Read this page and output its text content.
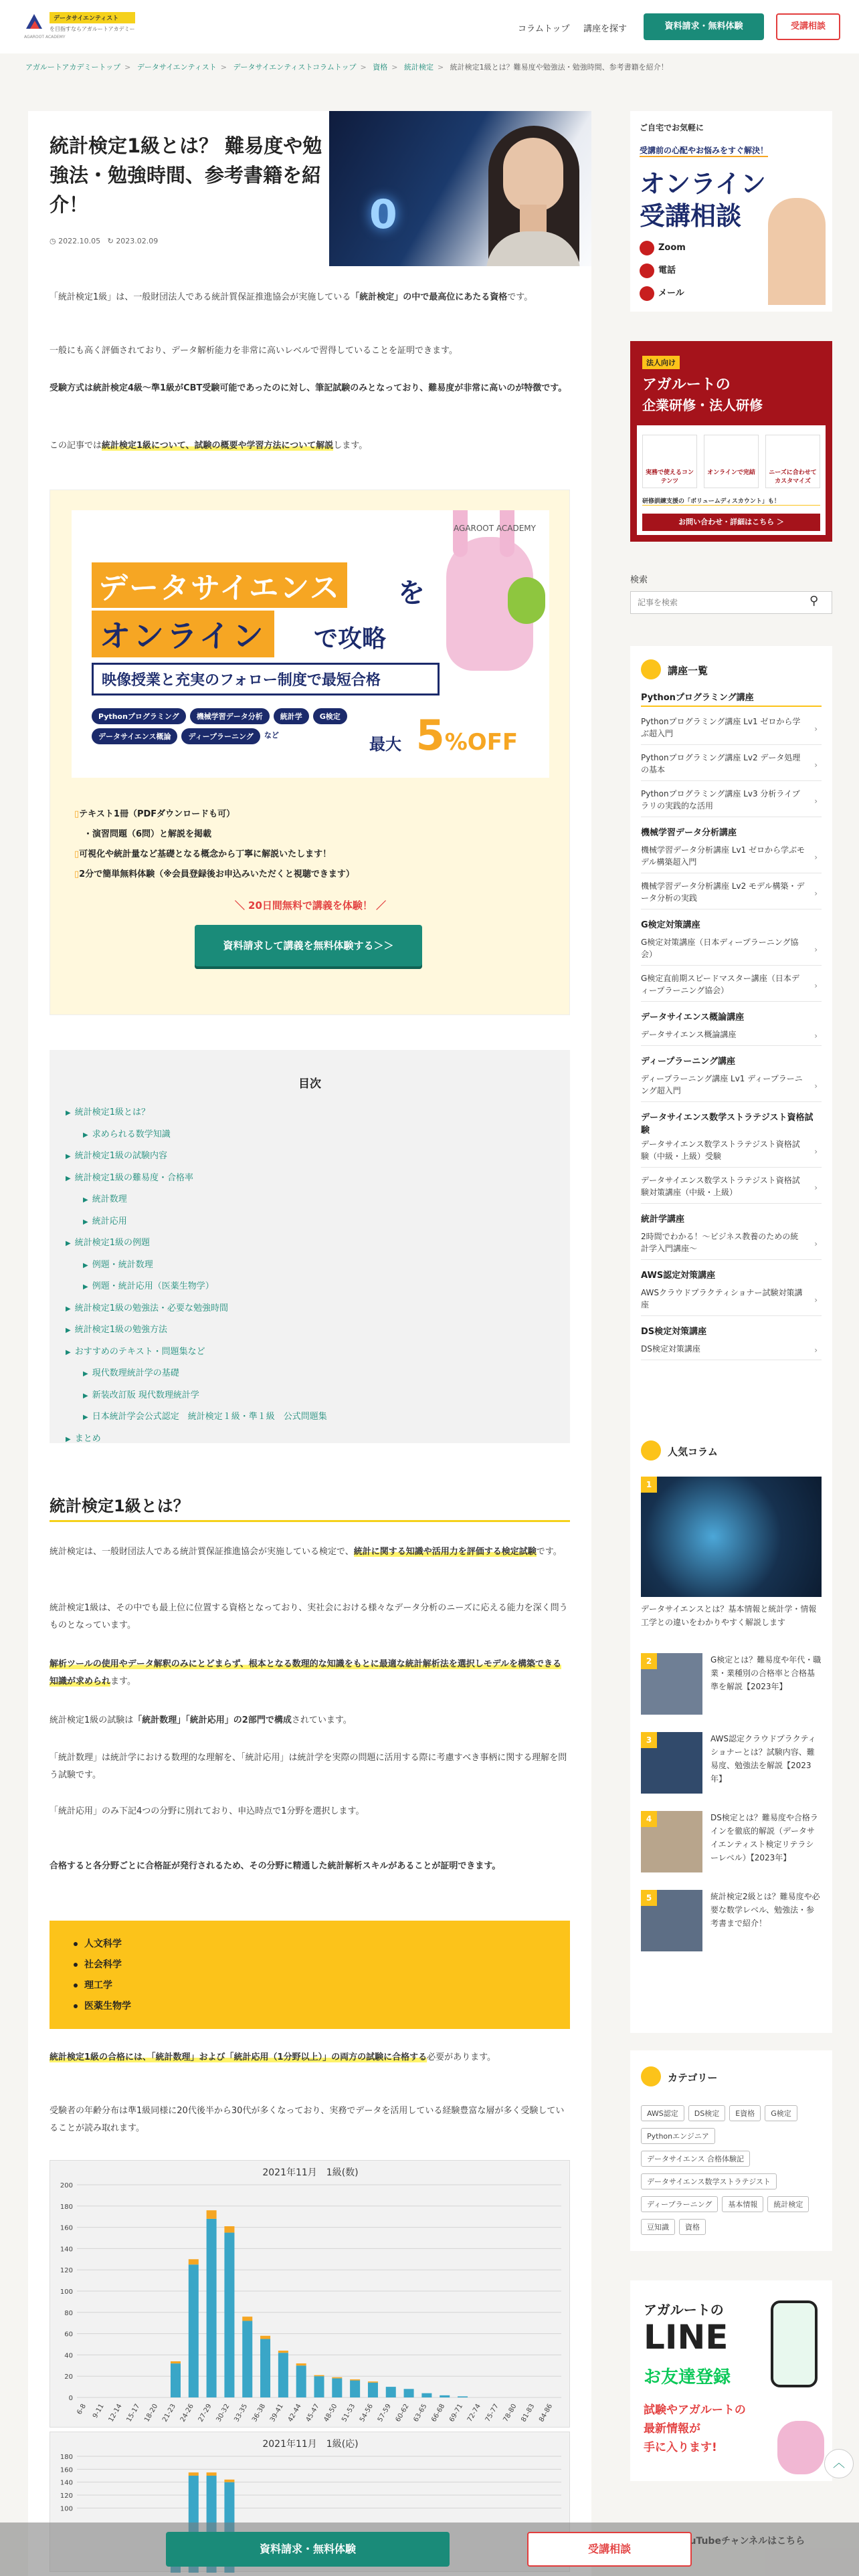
データサイエンティスト
を目指すならアガルートアカデミー
AGAROOT ACADEMY
コラムトップ 講座を探す	資料請求・無料体験	受講相談
アガルートアカデミートップ > データサイエンティスト > データサイエンティストコラムトップ > 資格 > 統計検定 > 統計検定1級とは？難易度や勉強法・勉強時間、参考書籍を紹介！
統計検定1級とは？ 難易度や勉強法・勉強時間、参考書籍を紹介！
◷ 2022.10.05 ↻ 2023.02.09
0

「統計検定1級」は、一般財団法人である統計質保証推進協会が実施している「統計検定」の中で最高位にあたる資格です。

一般にも高く評価されており、データ解析能力を非常に高いレベルで習得していることを証明できます。

受験方式は統計検定4級〜準1級がCBT受験可能であったのに対し、筆記試験のみとなっており、難易度が非常に高いのが特徴です。

この記事では統計検定1級について、試験の概要や学習方法について解説します。

AGAROOT ACADEMY
データサイエンス を
オンライン	で攻略
映像授業と充実のフォロー制度で最短合格
Pythonプログラミング	機械学習データ分析	統計学	G検定
データサイエンス概論	ディープラーニング	など	最大 5%OFF
▯テキスト1冊（PDFダウンロードも可）
・演習問題（6問）と解説を掲載
▯可視化や統計量など基礎となる概念から丁寧に解説いたします！
▯2分で簡単無料体験（※会員登録後お申込みいただくと視聴できます）
＼ 20日間無料で講義を体験！ ／
資料請求して講義を無料体験する＞＞
目次
▶ 統計検定1級とは？
▶ 求められる数学知識
▶ 統計検定1級の試験内容
▶ 統計検定1級の難易度・合格率
▶ 統計数理
▶ 統計応用
▶ 統計検定1級の例題
▶ 例題・統計数理
▶ 例題・統計応用（医薬生物学）
▶ 統計検定1級の勉強法・必要な勉強時間
▶ 統計検定1級の勉強方法
▶ おすすめのテキスト・問題集など
▶ 現代数理統計学の基礎
▶ 新装改訂版 現代数理統計学
▶ 日本統計学会公式認定　統計検定１級・準１級　公式問題集
▶ まとめ
統計検定1級とは？

統計検定は、一般財団法人である統計質保証推進協会が実施している検定で、統計に関する知識や活用力を評価する検定試験です。

統計検定1級は、その中でも最上位に位置する資格となっており、実社会における様々なデータ分析のニーズに応える能力を深く問うものとなっています。

解析ツールの使用やデータ解釈のみにとどまらず、根本となる数理的な知識をもとに最適な統計解析法を選択しモデルを構築できる知識が求められます。

統計検定1級の試験は「統計数理」「統計応用」の2部門で構成されています。

「統計数理」は統計学における数理的な理解を、「統計応用」は統計学を実際の問題に活用する際に考慮すべき事柄に関する理解を問う試験です。

「統計応用」のみ下記4つの分野に別れており、申込時点で1分野を選択します。

合格すると各分野ごとに合格証が発行されるため、その分野に精通した統計解析スキルがあることが証明できます。

人文科学
社会科学
理工学
医薬生物学

統計検定1級の合格には、「統計数理」および「統計応用（1分野以上）」の両方の試験に合格する必要があります。

受験者の年齢分布は準1級同様に20代後半から30代が多くなっており、実務でデータを活用している経験豊富な層が多く受験していることが読み取れます。

2021年11月　1級(数)
0
20
40
60
80
100
120
140
160
180
200
6-8 9-11 12-14 15-17 18-20 21-23 24-26 27-29 30-32 33-35 36-38 39-41 42-44 45-47 48-50 51-53 54-56 57-59 60-62 63-65 66-68 69-71 72-74 75-77 78-80 81-83 84-86
2021年11月　1級(応)
100
120
140
160
180
ご自宅でお気軽に
受講前の心配やお悩みをすぐ解決！
オンライン
受講相談
Zoom
電話
メール
法人向け
アガルートの
企業研修・法人研修
実務で使えるコンテンツ
オンラインで完結	ニーズに合わせてカスタマイズ
研修訓練支援の「ボリュームディスカウント」も！
お問い合わせ・詳細はこちら ＞
検索
記事を検索
⚲
講座一覧
Pythonプログラミング講座
Pythonプログラミング講座 Lv1 ゼロから学ぶ超入門
›
Pythonプログラミング講座 Lv2 データ処理の基本
›
Pythonプログラミング講座 Lv3 分析ライブラリの実践的な活用
›
機械学習データ分析講座
機械学習データ分析講座 Lv1 ゼロから学ぶモデル構築超入門
›
機械学習データ分析講座 Lv2 モデル構築・データ分析の実践
›
G検定対策講座
G検定対策講座（日本ディープラーニング協会）
›
G検定直前期スピードマスター講座（日本ディープラーニング協会）
›
データサイエンス概論講座
データサイエンス概論講座	›
ディープラーニング講座
ディープラーニング講座 Lv1 ディープラーニング超入門
›
データサイエンス数学ストラテジスト資格試験
データサイエンス数学ストラテジスト資格試験（中級・上級）受験
›
データサイエンス数学ストラテジスト資格試験対策講座（中級・上級）
›
統計学講座
2時間でわかる！〜ビジネス教養のための統計学入門講座〜
›
AWS認定対策講座
AWSクラウドプラクティショナー試験対策講座
›
DS検定対策講座
DS検定対策講座	›
人気コラム
1
データサイエンスとは？基本情報と統計学・情報工学との違いをわかりやすく解説します
2	G検定とは？難易度や年代・職業・業種別の合格率と合格基準を解説【2023年】
3	AWS認定クラウドプラクティショナーとは？試験内容、難易度、勉強法を解説【2023年】
4	DS検定とは？難易度や合格ラインを徹底的解説（データサイエンティスト検定リテラシーレベル）【2023年】
5	統計検定2級とは？難易度や必要な数学レベル、勉強法・参考書まで紹介！
カテゴリー
AWS認定	DS検定	E資格	G検定
Pythonエンジニア
データサイエンス 合格体験記
データサイエンス数学ストラテジスト
ディープラーニング	基本情報	統計検定
豆知識	資格
アガルートの
LINE
お友達登録
試験やアガルートの
最新情報が
手に入ります!
︿
資料請求・無料体験	受講相談
